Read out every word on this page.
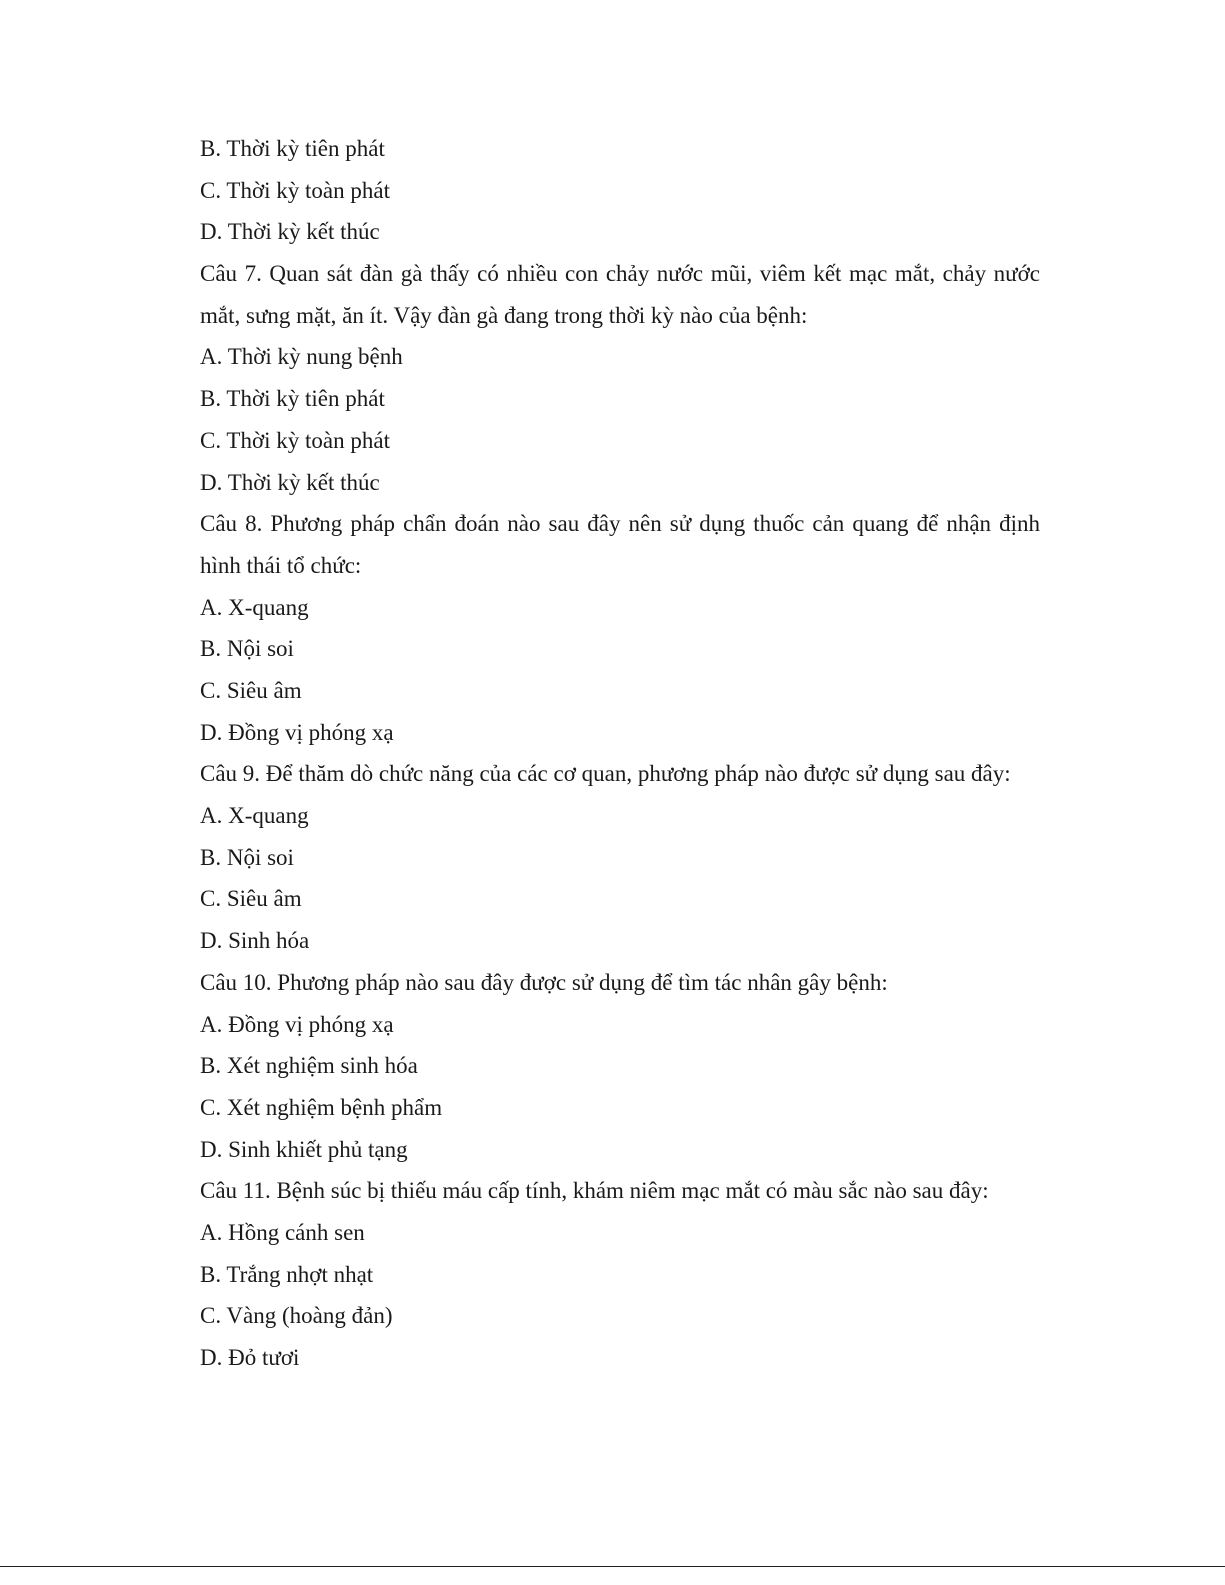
B. Thời kỳ tiên phát
C. Thời kỳ toàn phát
D. Thời kỳ kết thúc
Câu 7. Quan sát đàn gà thấy có nhiều con chảy nước mũi, viêm kết mạc mắt, chảy nước mắt, sưng mặt, ăn ít. Vậy đàn gà đang trong thời kỳ nào của bệnh:
A. Thời kỳ nung bệnh
B. Thời kỳ tiên phát
C. Thời kỳ toàn phát
D. Thời kỳ kết thúc
Câu 8. Phương pháp chẩn đoán nào sau đây nên sử dụng thuốc cản quang để nhận định hình thái tổ chức:
A. X-quang
B. Nội soi
C. Siêu âm
D. Đồng vị phóng xạ
Câu 9. Để thăm dò chức năng của các cơ quan, phương pháp nào được sử dụng sau đây:
A. X-quang
B. Nội soi
C. Siêu âm
D. Sinh hóa
Câu 10. Phương pháp nào sau đây được sử dụng để tìm tác nhân gây bệnh:
A. Đồng vị phóng xạ
B. Xét nghiệm sinh hóa
C. Xét nghiệm bệnh phẩm
D. Sinh khiết phủ tạng
Câu 11. Bệnh súc bị thiếu máu cấp tính, khám niêm mạc mắt có màu sắc nào sau đây:
A. Hồng cánh sen
B. Trắng nhợt nhạt
C. Vàng (hoàng đản)
D. Đỏ tươi
